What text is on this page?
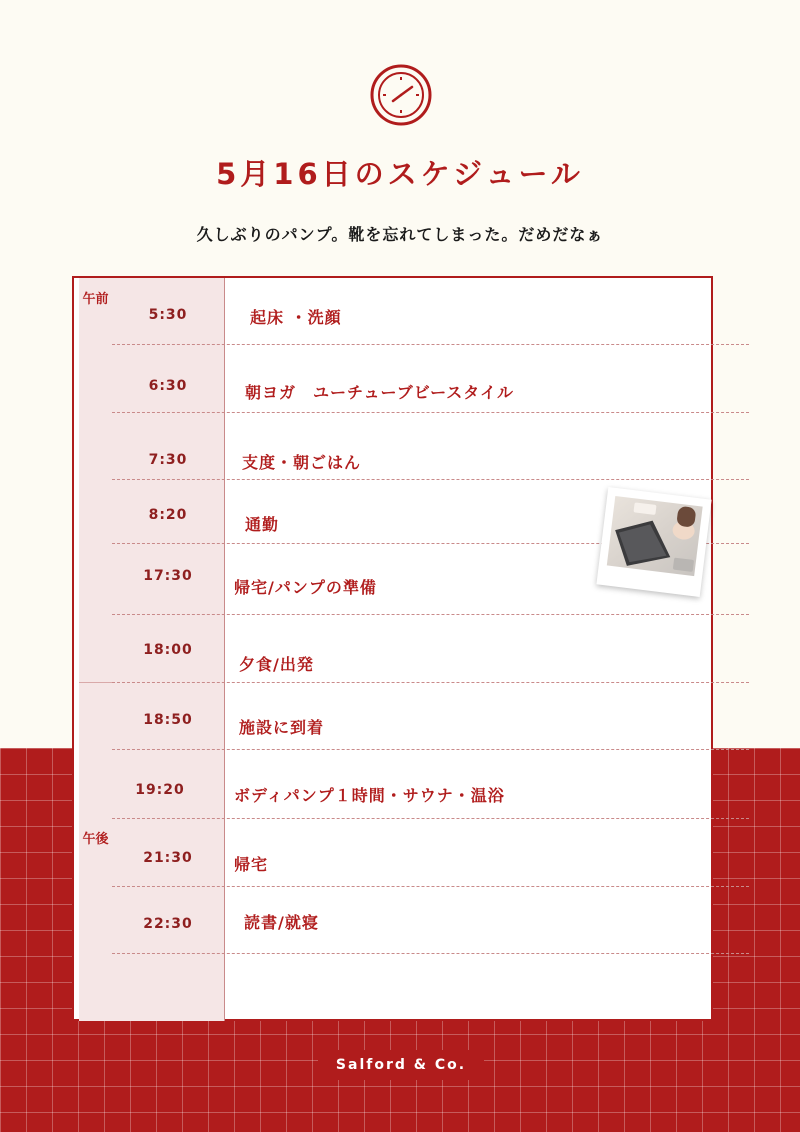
5月16日のスケジュール
久しぶりのパンプ。靴を忘れてしまった。だめだなぁ
午前
午後
5:30
6:30
7:30
8:20
17:30
18:00
18:50
19:20
21:30
22:30
起床 ・洗顔
朝ヨガ　ユーチューブビースタイル
支度・朝ごはん
通勤
帰宅/パンプの準備
夕食/出発
施設に到着
ボディパンプ１時間・サウナ・温浴
帰宅
読書/就寝
Salford & Co.
